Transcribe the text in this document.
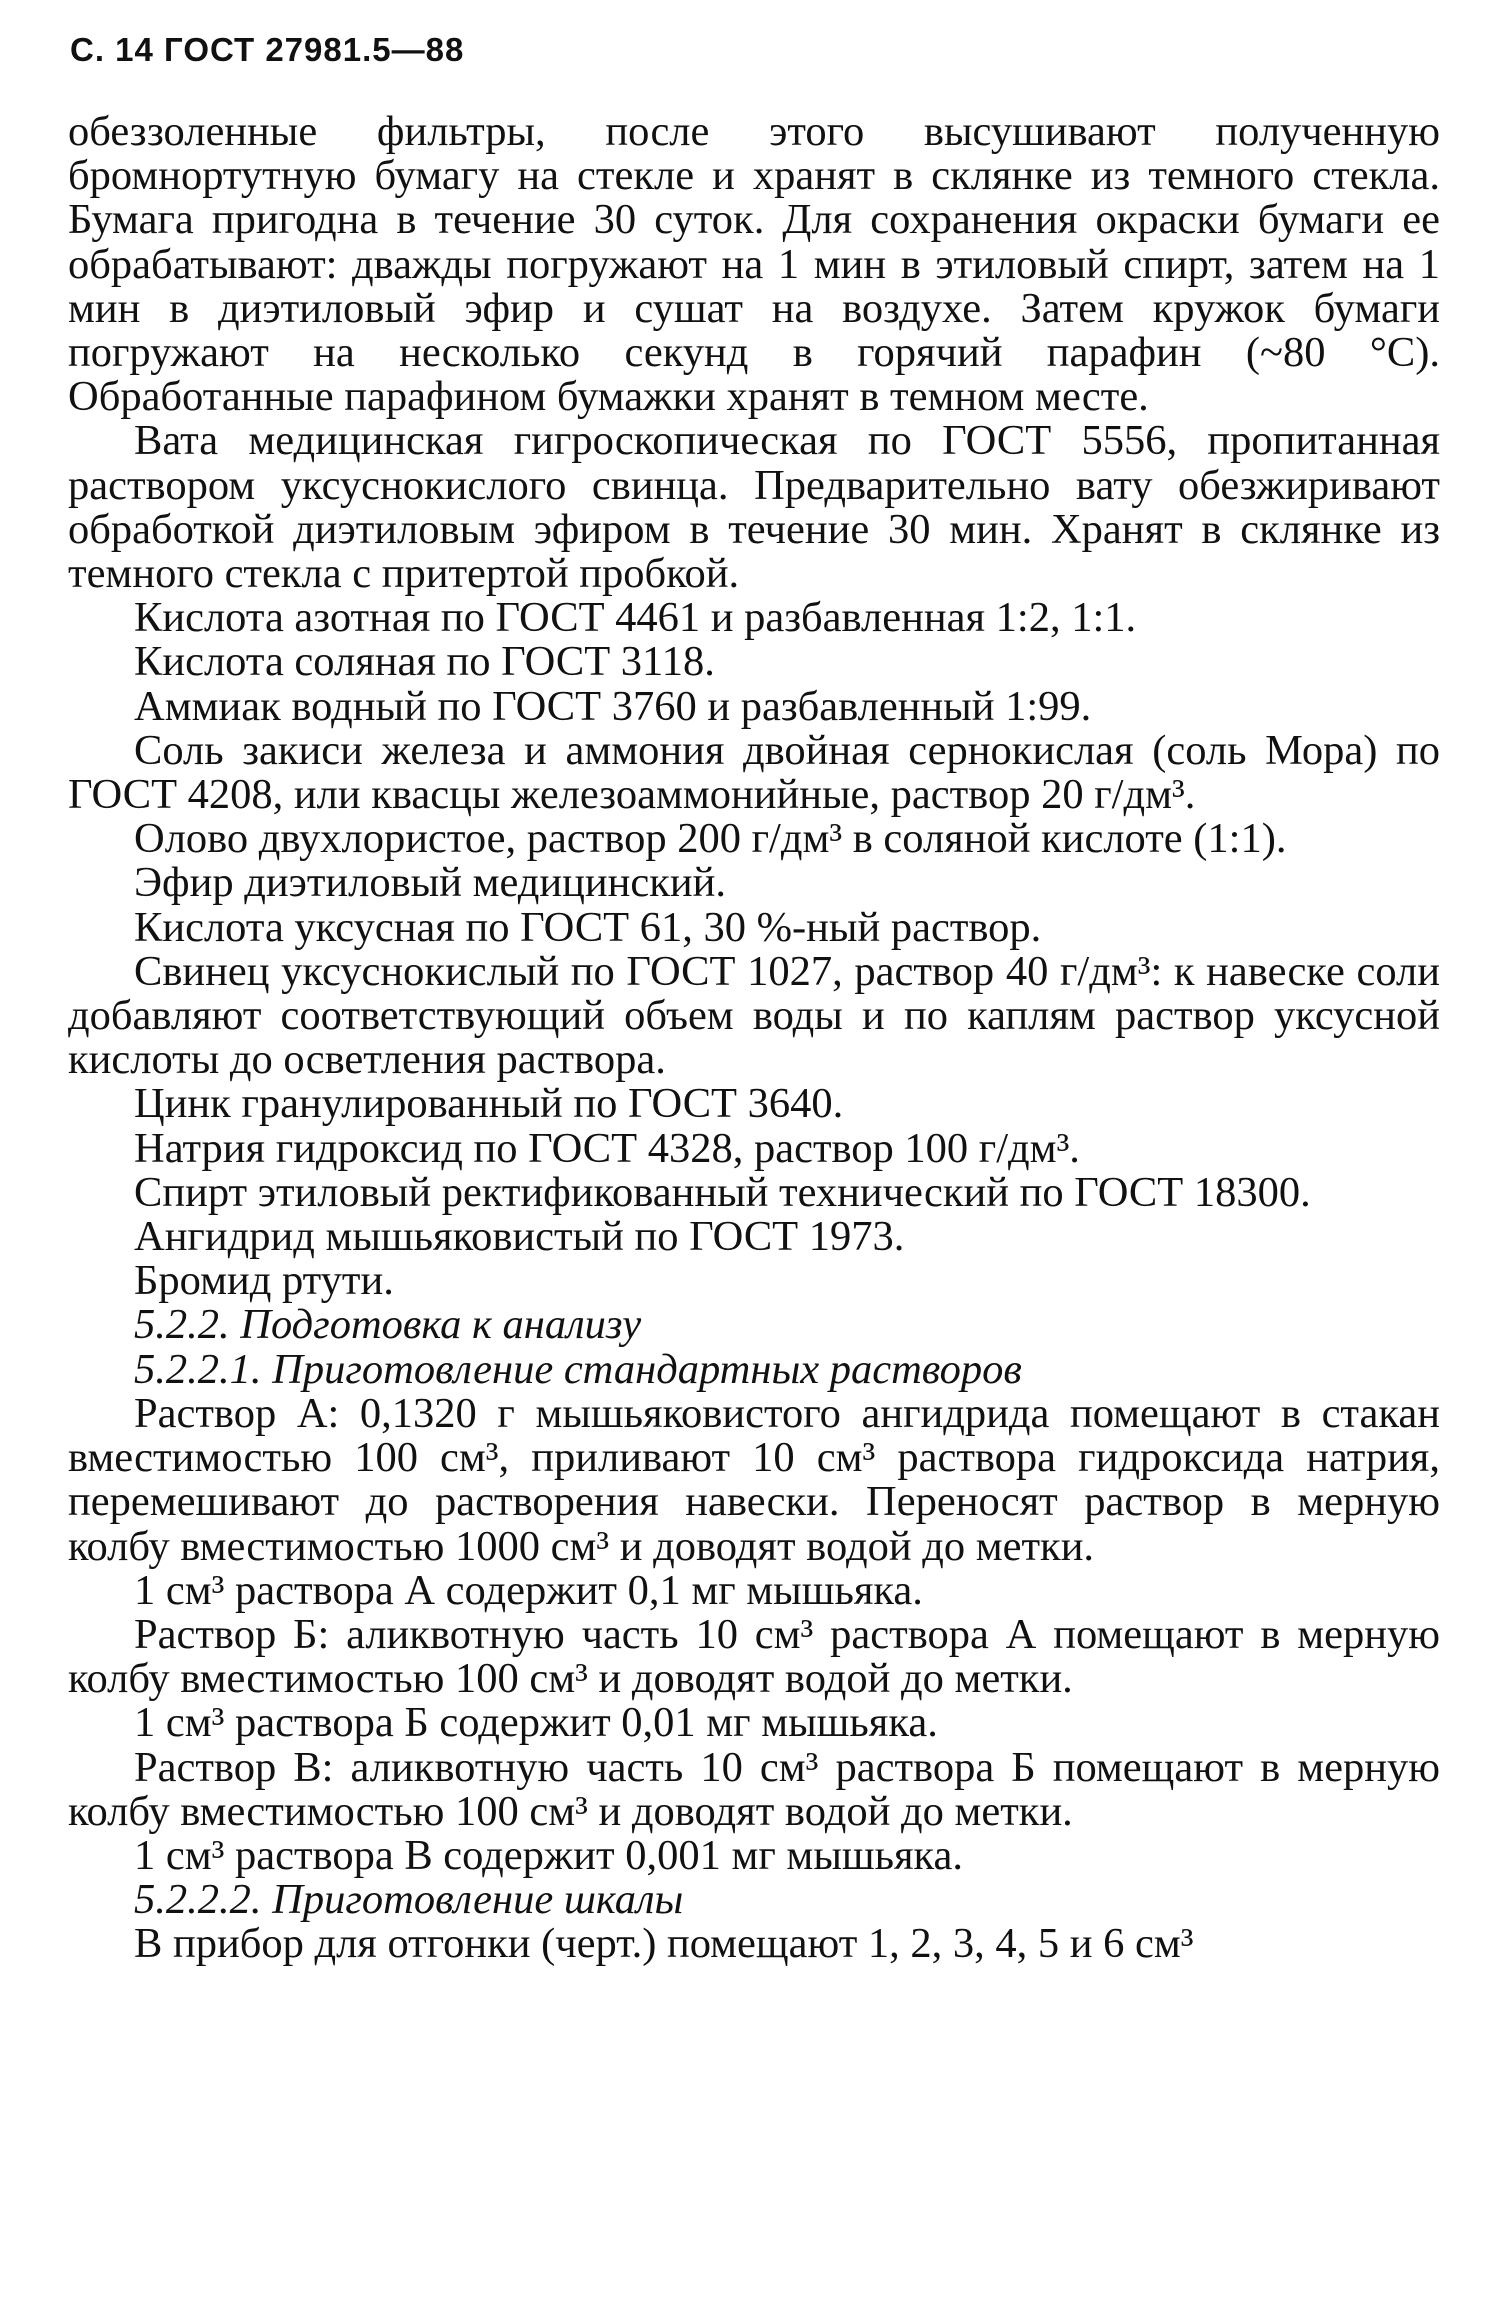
С. 14 ГОСТ 27981.5—88

обеззоленные фильтры, после этого высушивают полученную бромнортутную бумагу на стекле и хранят в склянке из темного стекла. Бумага пригодна в течение 30 суток. Для сохранения окраски бумаги ее обрабатывают: дважды погружают на 1 мин в этиловый спирт, затем на 1 мин в диэтиловый эфир и сушат на воздухе. Затем кружок бумаги погружают на несколько секунд в горячий парафин (~80 °С). Обработанные парафином бумажки хранят в темном месте.

Вата медицинская гигроскопическая по ГОСТ 5556, пропитанная раствором уксуснокислого свинца. Предварительно вату обезжиривают обработкой диэтиловым эфиром в течение 30 мин. Хранят в склянке из темного стекла с притертой пробкой.

Кислота азотная по ГОСТ 4461 и разбавленная 1:2, 1:1.

Кислота соляная по ГОСТ 3118.

Аммиак водный по ГОСТ 3760 и разбавленный 1:99.

Соль закиси железа и аммония двойная сернокислая (соль Мора) по ГОСТ 4208, или квасцы железоаммонийные, раствор 20 г/дм³.

Олово двухлористое, раствор 200 г/дм³ в соляной кислоте (1:1).

Эфир диэтиловый медицинский.

Кислота уксусная по ГОСТ 61, 30 %-ный раствор.

Свинец уксуснокислый по ГОСТ 1027, раствор 40 г/дм³: к навеске соли добавляют соответствующий объем воды и по каплям раствор уксусной кислоты до осветления раствора.

Цинк гранулированный по ГОСТ 3640.

Натрия гидроксид по ГОСТ 4328, раствор 100 г/дм³.

Спирт этиловый ректификованный технический по ГОСТ 18300.

Ангидрид мышьяковистый по ГОСТ 1973.

Бромид ртути.

5.2.2. Подготовка к анализу

5.2.2.1. Приготовление стандартных растворов

Раствор А: 0,1320 г мышьяковистого ангидрида помещают в стакан вместимостью 100 см³, приливают 10 см³ раствора гидроксида натрия, перемешивают до растворения навески. Переносят раствор в мерную колбу вместимостью 1000 см³ и доводят водой до метки.

1 см³ раствора А содержит 0,1 мг мышьяка.

Раствор Б: аликвотную часть 10 см³ раствора А помещают в мерную колбу вместимостью 100 см³ и доводят водой до метки.

1 см³ раствора Б содержит 0,01 мг мышьяка.

Раствор В: аликвотную часть 10 см³ раствора Б помещают в мерную колбу вместимостью 100 см³ и доводят водой до метки.

1 см³ раствора В содержит 0,001 мг мышьяка.

5.2.2.2. Приготовление шкалы

В прибор для отгонки (черт.) помещают 1, 2, 3, 4, 5 и 6 см³
